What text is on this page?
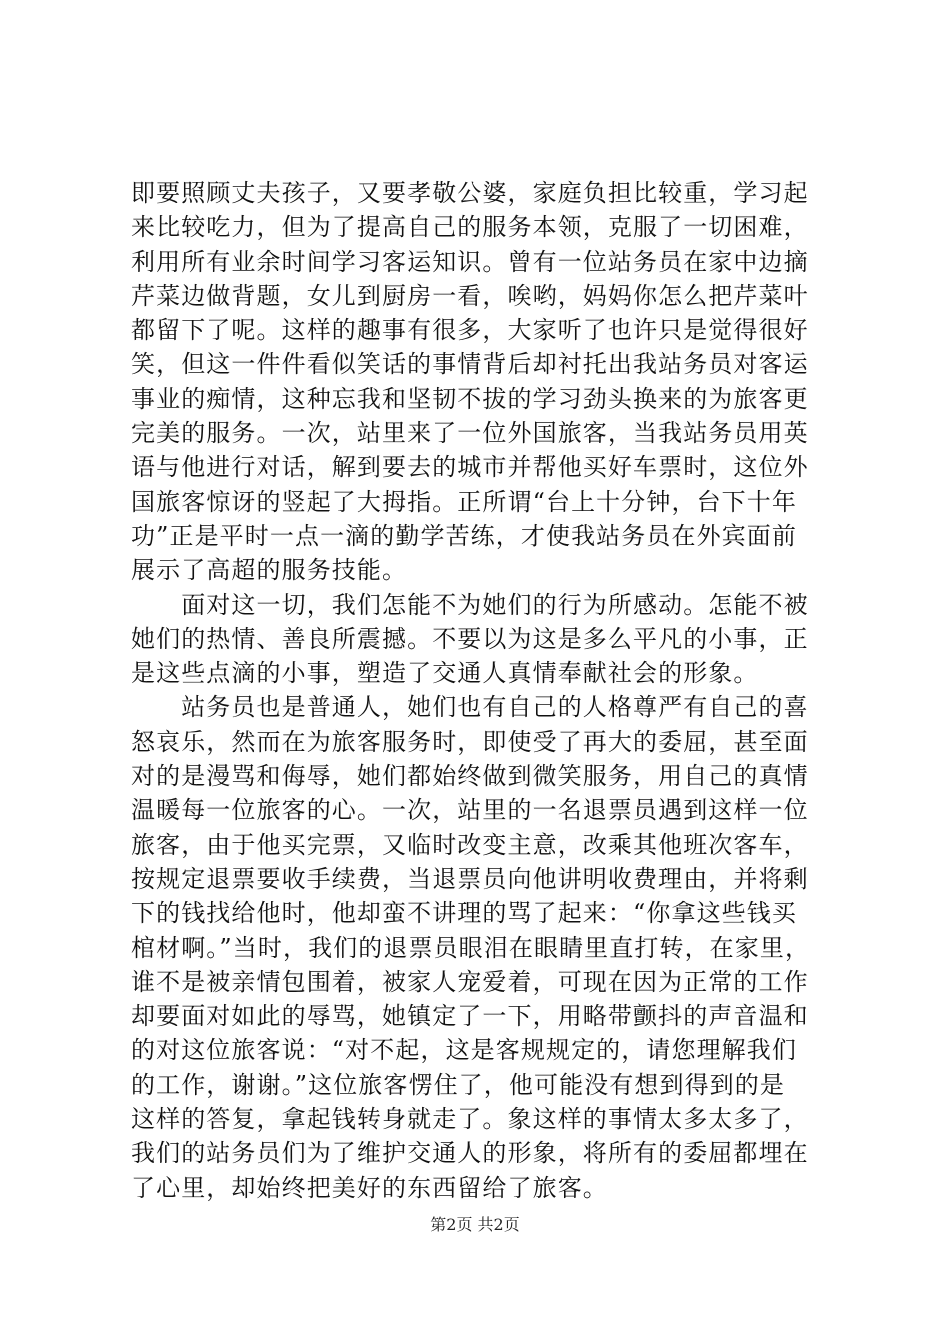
即要照顾丈夫孩子，又要孝敬公婆，家庭负担比较重，学习起
来比较吃力，但为了提高自己的服务本领，克服了一切困难，
利用所有业余时间学习客运知识。曾有一位站务员在家中边摘
芹菜边做背题，女儿到厨房一看，唉哟，妈妈你怎么把芹菜叶
都留下了呢。这样的趣事有很多，大家听了也许只是觉得很好
笑，但这一件件看似笑话的事情背后却衬托出我站务员对客运
事业的痴情，这种忘我和坚韧不拔的学习劲头换来的为旅客更
完美的服务。一次，站里来了一位外国旅客，当我站务员用英
语与他进行对话，解到要去的城市并帮他买好车票时，这位外
国旅客惊讶的竖起了大拇指。正所谓“台上十分钟，台下十年
功”正是平时一点一滴的勤学苦练，才使我站务员在外宾面前
展示了高超的服务技能。
　　面对这一切，我们怎能不为她们的行为所感动。怎能不被
她们的热情、善良所震撼。不要以为这是多么平凡的小事，正
是这些点滴的小事，塑造了交通人真情奉献社会的形象。
　　站务员也是普通人，她们也有自己的人格尊严有自己的喜
怒哀乐，然而在为旅客服务时，即使受了再大的委屈，甚至面
对的是漫骂和侮辱，她们都始终做到微笑服务，用自己的真情
温暖每一位旅客的心。一次，站里的一名退票员遇到这样一位
旅客，由于他买完票，又临时改变主意，改乘其他班次客车，
按规定退票要收手续费，当退票员向他讲明收费理由，并将剩
下的钱找给他时，他却蛮不讲理的骂了起来：“你拿这些钱买
棺材啊。”当时，我们的退票员眼泪在眼睛里直打转，在家里，
谁不是被亲情包围着，被家人宠爱着，可现在因为正常的工作
却要面对如此的辱骂，她镇定了一下，用略带颤抖的声音温和
的对这位旅客说：“对不起，这是客规规定的，请您理解我们
的工作，谢谢。”这位旅客愣住了，他可能没有想到得到的是
这样的答复，拿起钱转身就走了。象这样的事情太多太多了，
我们的站务员们为了维护交通人的形象，将所有的委屈都埋在
了心里，却始终把美好的东西留给了旅客。
第2页 共2页
